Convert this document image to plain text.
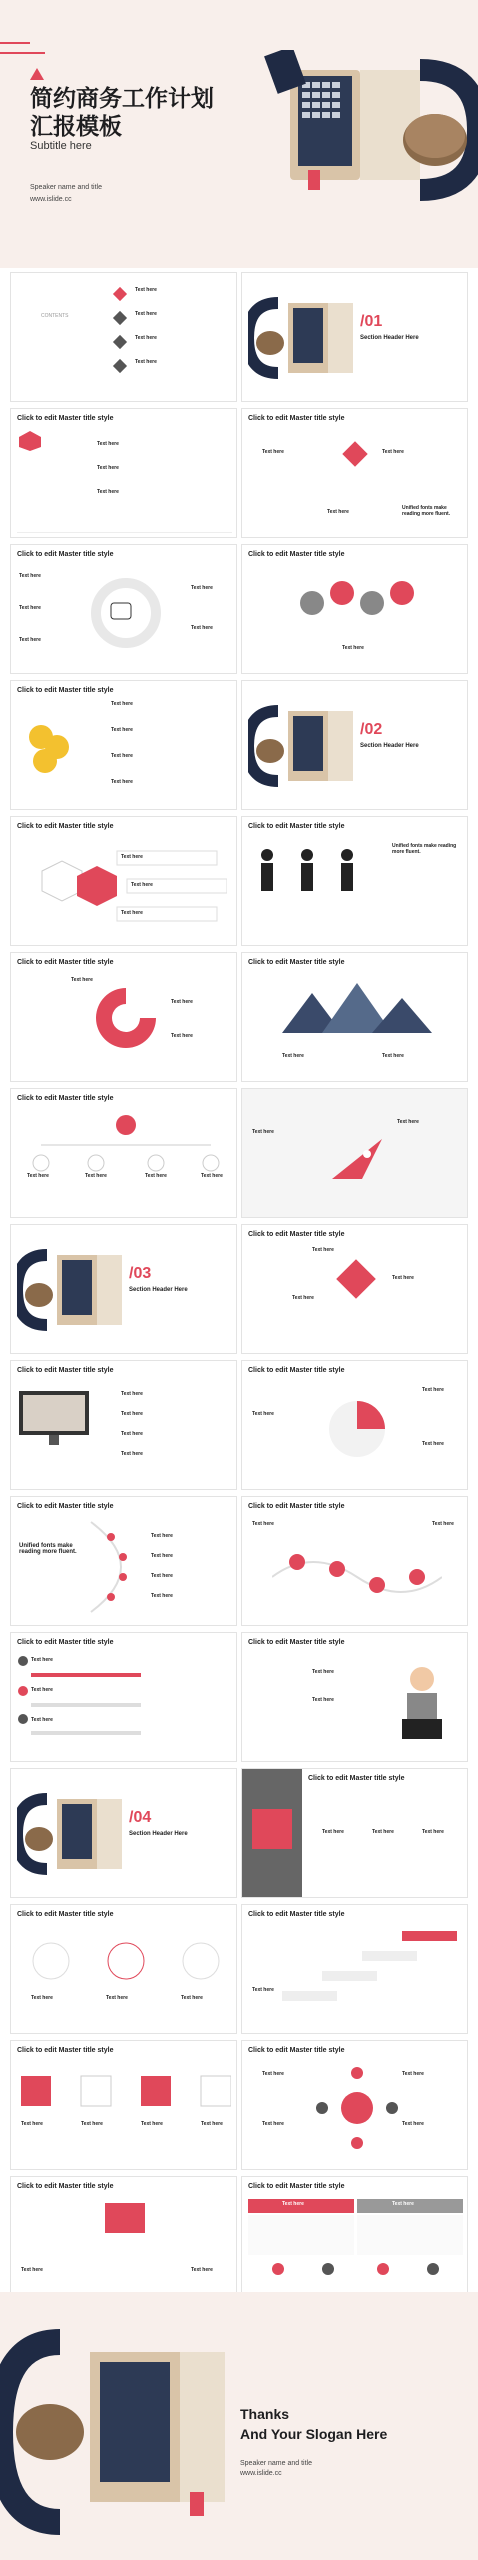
简约商务工作计划汇报模板
Subtitle here
Speaker name and title
www.islide.cc
CONTENTS
Text here
Text here
Text here
Text here
/01
Section Header Here
Click to edit Master title style
Text here
Text here
Text here
Click to edit Master title style
Text here	Text here
Text here
Unified fonts make reading more fluent.
Click to edit Master title style
Text here
Text here
Text here
Text here
Text here
Click to edit Master title style
Text here
Click to edit Master title style
Text here
Text here
Text here
Text here
/02
Section Header Here
Click to edit Master title style
Text here
Text here
Text here
Click to edit Master title style
Unified fonts make reading more fluent.
Click to edit Master title style
Text here
Text here
Text here
Click to edit Master title style
Text here	Text here
Click to edit Master title style
Text here	Text here	Text here	Text here
Text here
Text here
/03
Section Header Here
Click to edit Master title style
Text here
Text here
Text here
Click to edit Master title style
Text here
Text here
Text here
Text here
Click to edit Master title style
Text here
Text here
Text here
Click to edit Master title style
Unified fonts make reading more fluent.
Text here
Text here
Text here
Text here
Click to edit Master title style
Text here	Text here
Click to edit Master title style
Text here
Text here
Text here
Click to edit Master title style
Text here
Text here
/04
Section Header Here
Click to edit Master title style
Text here	Text here	Text here
Click to edit Master title style
Text here	Text here	Text here
Click to edit Master title style
Text here
Click to edit Master title style
Text here	Text here	Text here	Text here
Click to edit Master title style
Text here	Text here
Text here	Text here
Click to edit Master title style
Text here	Text here
Click to edit Master title style
Text here	Text here
Thanks
And Your Slogan Here
Speaker name and title
www.islide.cc
